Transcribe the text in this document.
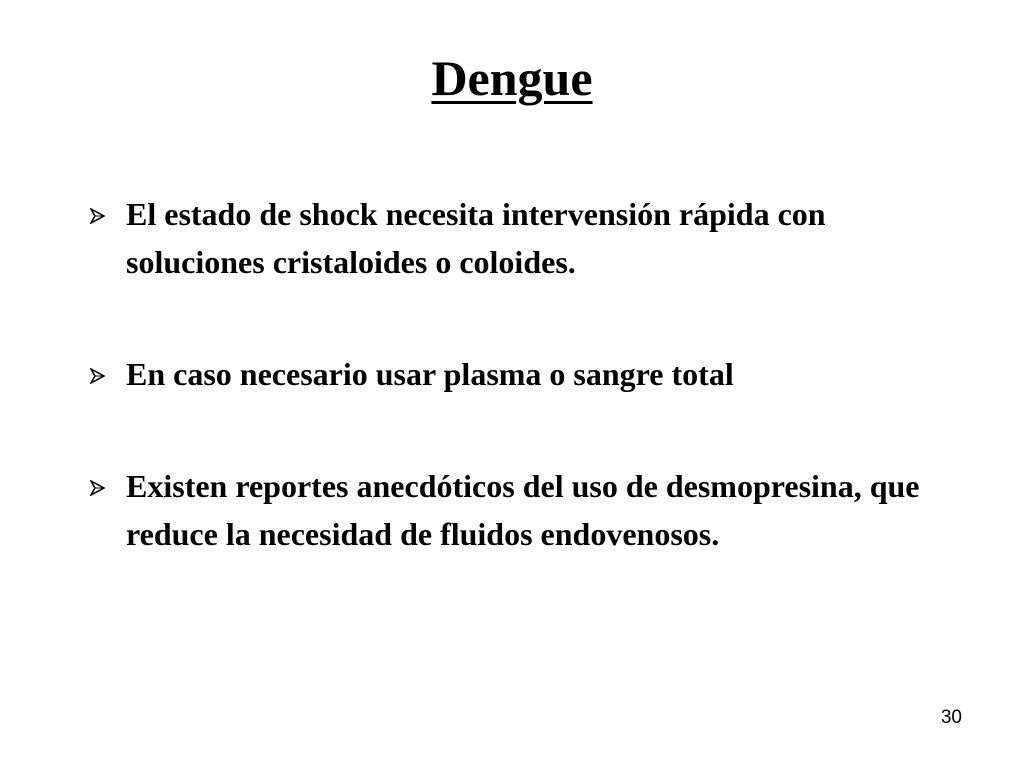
Dengue
El estado de shock necesita intervensión rápida con soluciones cristaloides o coloides.
En caso necesario usar plasma o sangre total
Existen reportes anecdóticos del uso de desmopresina, que reduce la necesidad de fluidos endovenosos.
30
